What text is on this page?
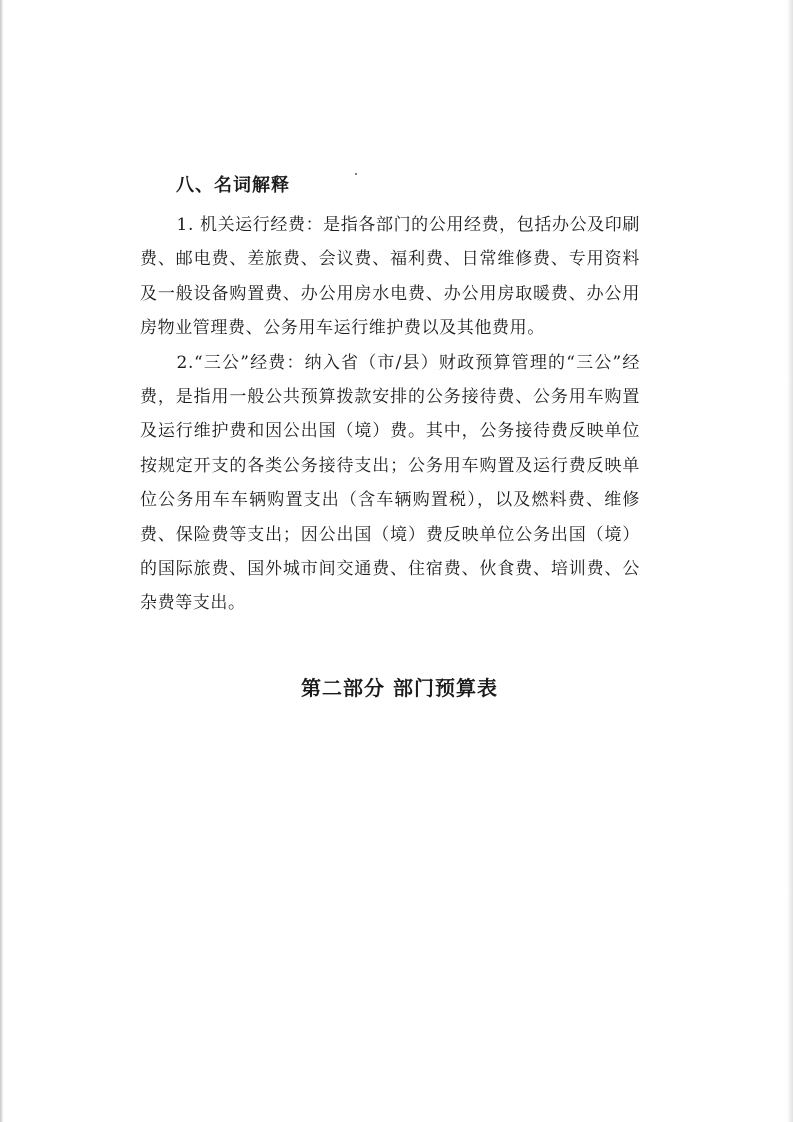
八、名词解释

1. 机关运行经费：是指各部门的公用经费，包括办公及印刷费、邮电费、差旅费、会议费、福利费、日常维修费、专用资料及一般设备购置费、办公用房水电费、办公用房取暖费、办公用房物业管理费、公务用车运行维护费以及其他费用。

2.“三公”经费：纳入省（市/县）财政预算管理的“三公”经费，是指用一般公共预算拨款安排的公务接待费、公务用车购置及运行维护费和因公出国（境）费。其中，公务接待费反映单位按规定开支的各类公务接待支出；公务用车购置及运行费反映单位公务用车车辆购置支出（含车辆购置税），以及燃料费、维修费、保险费等支出；因公出国（境）费反映单位公务出国（境）的国际旅费、国外城市间交通费、住宿费、伙食费、培训费、公杂费等支出。

第二部分 部门预算表
